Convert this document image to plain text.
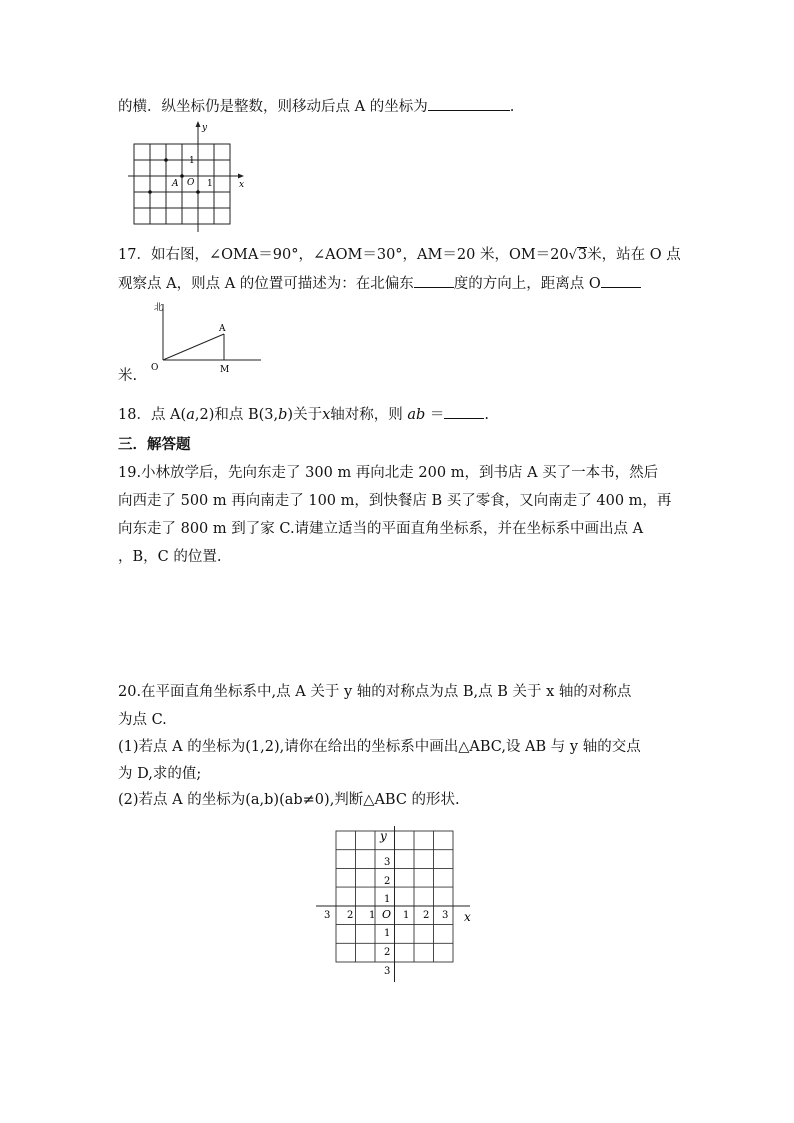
的横．纵坐标仍是整数，则移动后点 A 的坐标为	.
y
x
A O 1
1
17．如右图，∠OMA＝90°，∠AOM＝30°，AM＝20 米，OM＝20√3米，站在 O 点
观察点 A，则点 A 的位置可描述为：在北偏东	度的方向上，距离点 O
北
A
O	M
米.
18．点 A(a,2)和点 B(3,b)关于x轴对称，则 ab ＝	.
三．解答题
19.小林放学后，先向东走了 300 m 再向北走 200 m，到书店 A 买了一本书，然后
向西走了 500 m 再向南走了 100 m，到快餐店 B 买了零食，又向南走了 400 m，再
向东走了 800 m 到了家 C.请建立适当的平面直角坐标系，并在坐标系中画出点 A
，B，C 的位置.
20.在平面直角坐标系中,点 A 关于 y 轴的对称点为点 B,点 B 关于 x 轴的对称点
为点 C.
(1)若点 A 的坐标为(1,2),请你在给出的坐标系中画出△ABC,设 AB 与 y 轴的交点
为 D,求的值;
(2)若点 A 的坐标为(a,b)(ab≠0),判断△ABC 的形状.
y
x
O
3 2 1	1 2 3
3
2
1
1
2
3
